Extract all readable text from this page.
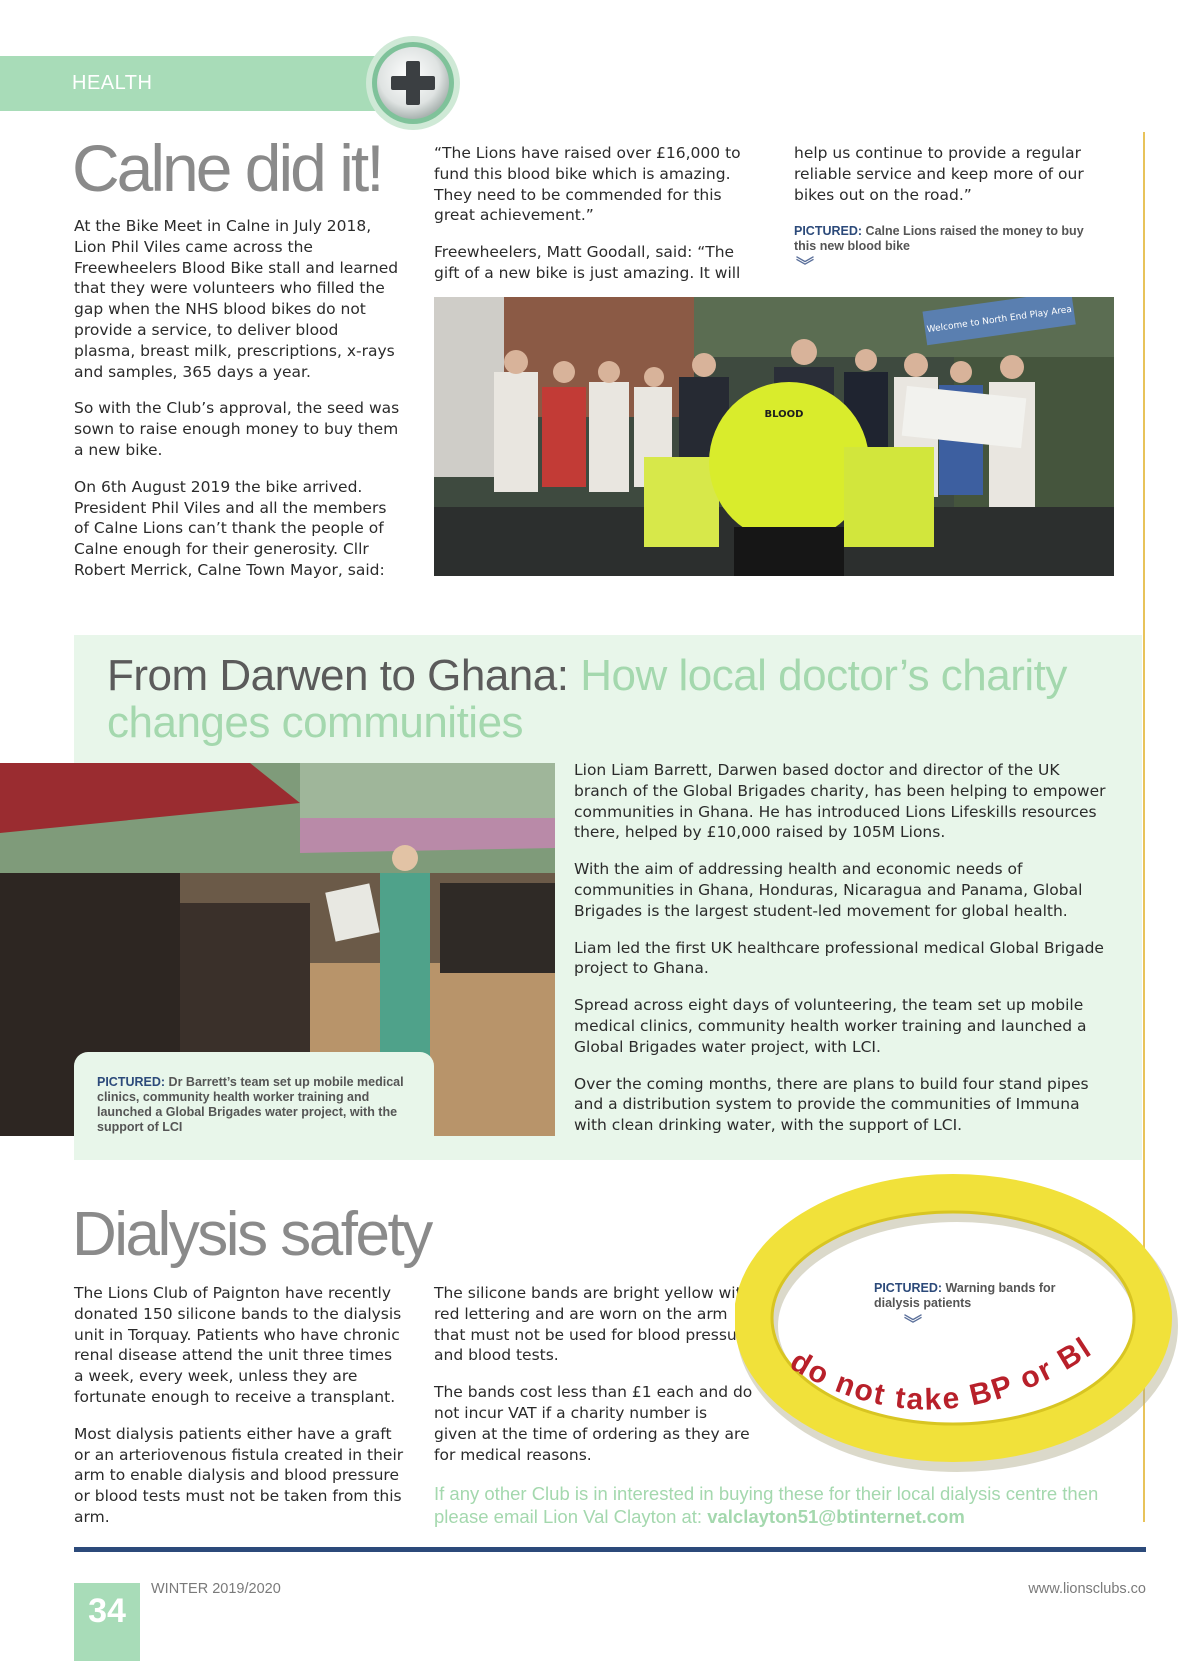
HEALTH
Calne did it!

At the Bike Meet in Calne in July 2018, Lion Phil Viles came across the Freewheelers Blood Bike stall and learned that they were volunteers who filled the gap when the NHS blood bikes do not provide a service, to deliver blood plasma, breast milk, prescriptions, x-rays and samples, 365 days a year.

So with the Club’s approval, the seed was sown to raise enough money to buy them a new bike.

On 6th August 2019 the bike arrived. President Phil Viles and all the members of Calne Lions can’t thank the people of Calne enough for their generosity. Cllr Robert Merrick, Calne Town Mayor, said:

“The Lions have raised over £16,000 to fund this blood bike which is amazing. They need to be commended for this great achievement.”

Freewheelers, Matt Goodall, said: “The gift of a new bike is just amazing. It will

help us continue to provide a regular reliable service and keep more of our bikes out on the road.”

PICTURED: Calne Lions raised the money to buy this new blood bike
︾
Welcome to North End Play Area
BLOOD
From Darwen to Ghana: How local doctor’s charity changes communities
PICTURED: Dr Barrett’s team set up mobile medical clinics, community health worker training and launched a Global Brigades water project, with the support of LCI

Lion Liam Barrett, Darwen based doctor and director of the UK branch of the Global Brigades charity, has been helping to empower communities in Ghana. He has introduced Lions Lifeskills resources there, helped by £10,000 raised by 105M Lions.

With the aim of addressing health and economic needs of communities in Ghana, Honduras, Nicaragua and Panama, Global Brigades is the largest student-led movement for global health.

Liam led the first UK healthcare professional medical Global Brigade project to Ghana.

Spread across eight days of volunteering, the team set up mobile medical clinics, community health worker training and launched a Global Brigades water project, with LCI.

Over the coming months, there are plans to build four stand pipes and a distribution system to provide the communities of Immuna with clean drinking water, with the support of LCI.

Dialysis safety

The Lions Club of Paignton have recently donated 150 silicone bands to the dialysis unit in Torquay. Patients who have chronic renal disease attend the unit three times a week, every week, unless they are fortunate enough to receive a transplant.

Most dialysis patients either have a graft or an arteriovenous fistula created in their arm to enable dialysis and blood pressure or blood tests must not be taken from this arm.

The silicone bands are bright yellow with red lettering and are worn on the arm that must not be used for blood pressure and blood tests.

The bands cost less than £1 each and do not incur VAT if a charity number is given at the time of ordering as they are for medical reasons.

do not take BP or Bl
PICTURED: Warning bands for dialysis patients
︾
If any other Club is in interested in buying these for their local dialysis centre then please email Lion Val Clayton at: valclayton51@btinternet.com
34
WINTER 2019/2020	www.lionsclubs.co
